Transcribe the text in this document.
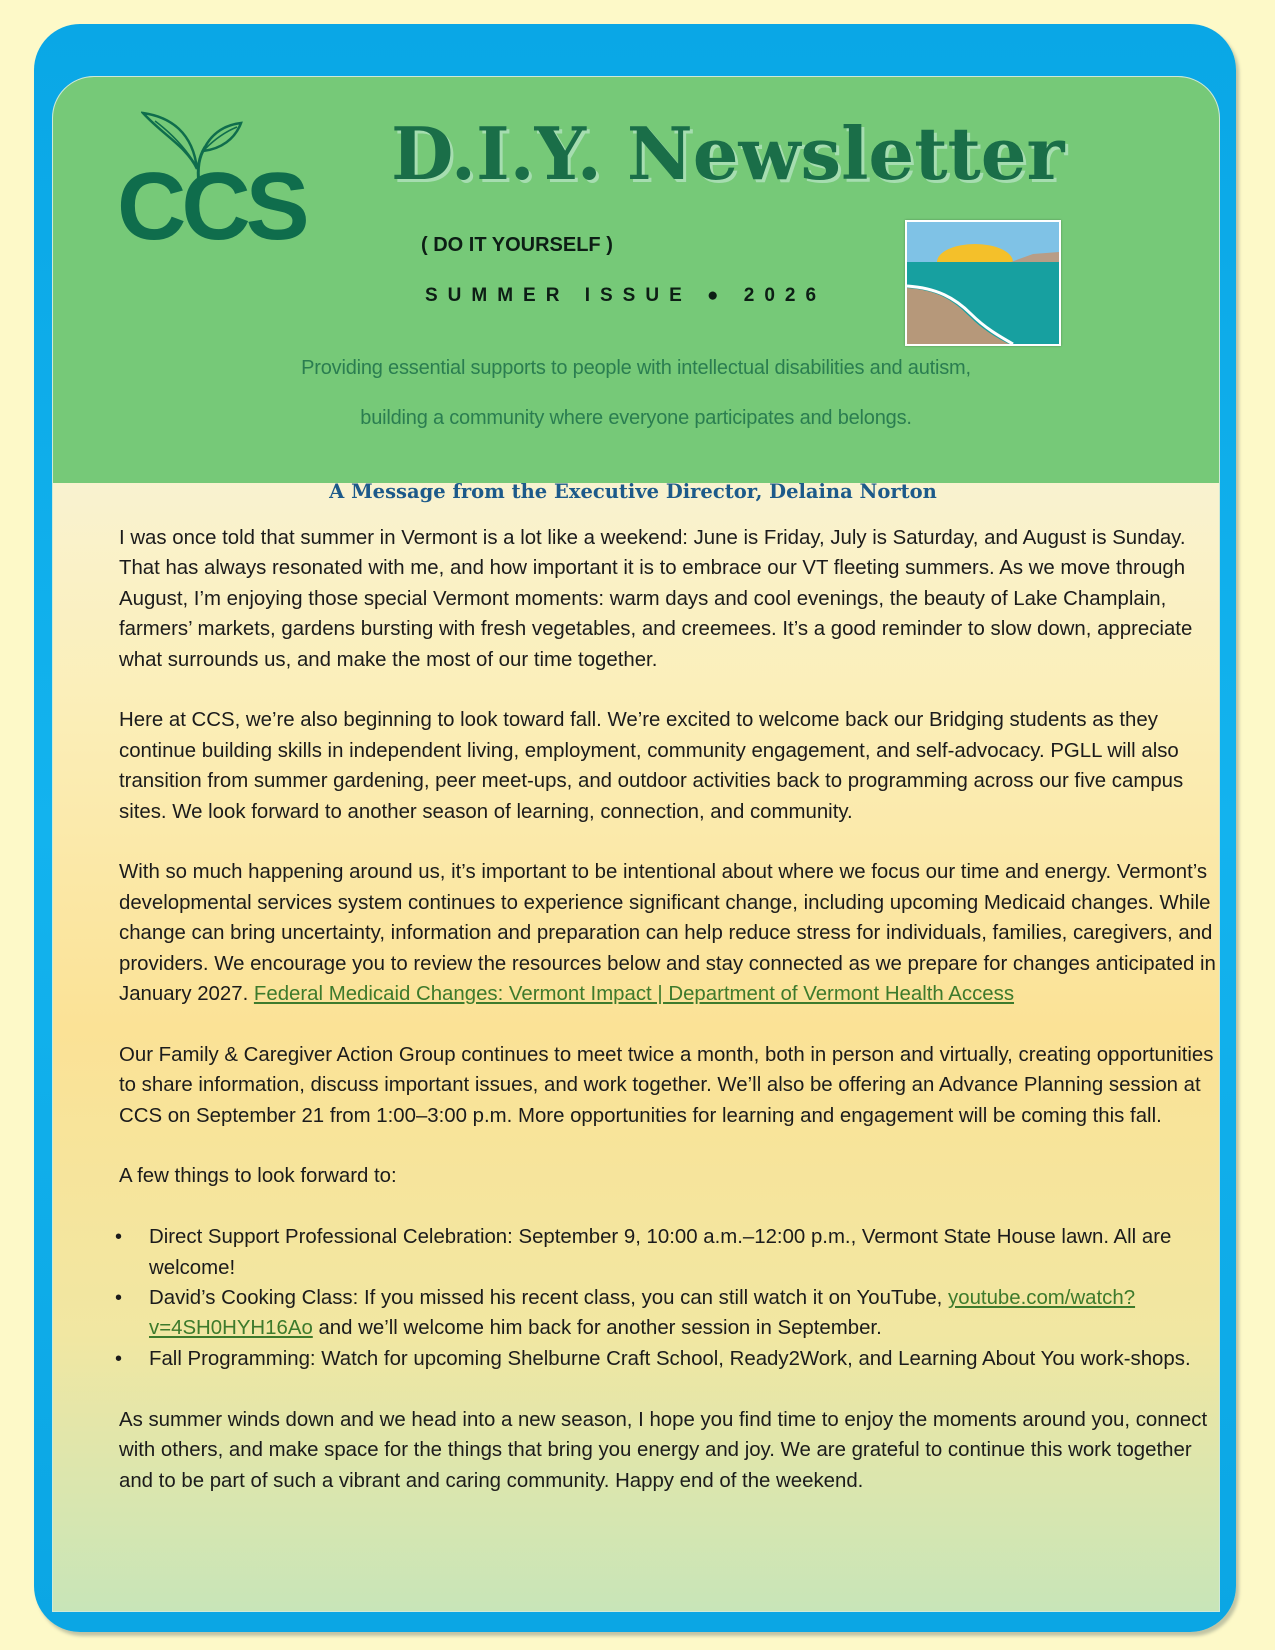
CCS D.I.Y. Newsletter
( DO IT YOURSELF )
SUMMER ISSUE ● 2026
Providing essential supports to people with intellectual disabilities and autism,
building a community where everyone participates and belongs.
A Message from the Executive Director, Delaina Norton

I was once told that summer in Vermont is a lot like a weekend: June is Friday, July is Saturday, and August is Sunday. That has always resonated with me, and how important it is to embrace our VT fleeting summers. As we move through August, I’m enjoying those special Vermont moments: warm days and cool evenings, the beauty of Lake Champlain, farmers’ markets, gardens bursting with fresh vegetables, and creemees. It’s a good reminder to slow down, appreciate what surrounds us, and make the most of our time together.

Here at CCS, we’re also beginning to look toward fall. We’re excited to welcome back our Bridging students as they continue building skills in independent living, employment, community engagement, and self-advocacy. PGLL will also transition from summer gardening, peer meet-ups, and outdoor activities back to programming across our five campus sites. We look forward to another season of learning, connection, and community.

With so much happening around us, it’s important to be intentional about where we focus our time and energy. Vermont’s developmental services system continues to experience significant change, including upcoming Medicaid changes. While change can bring uncertainty, information and preparation can help reduce stress for individuals, families, caregivers, and providers. We encourage you to review the resources below and stay connected as we prepare for changes anticipated in January 2027. Federal Medicaid Changes: Vermont Impact | Department of Vermont Health Access

Our Family & Caregiver Action Group continues to meet twice a month, both in person and virtually, creating opportunities to share information, discuss important issues, and work together. We’ll also be offering an Advance Planning session at CCS on September 21 from 1:00–3:00 p.m. More opportunities for learning and engagement will be coming this fall.

A few things to look forward to:

• Direct Support Professional Celebration: September 9, 10:00 a.m.–12:00 p.m., Vermont State House lawn. All are welcome!
• David’s Cooking Class: If you missed his recent class, you can still watch it on YouTube, youtube.com/watch?v=4SH0HYH16Ao and we’ll welcome him back for another session in September.
• Fall Programming: Watch for upcoming Shelburne Craft School, Ready2Work, and Learning About You work-shops.

As summer winds down and we head into a new season, I hope you find time to enjoy the moments around you, connect with others, and make space for the things that bring you energy and joy. We are grateful to continue this work together and to be part of such a vibrant and caring community. Happy end of the weekend.
